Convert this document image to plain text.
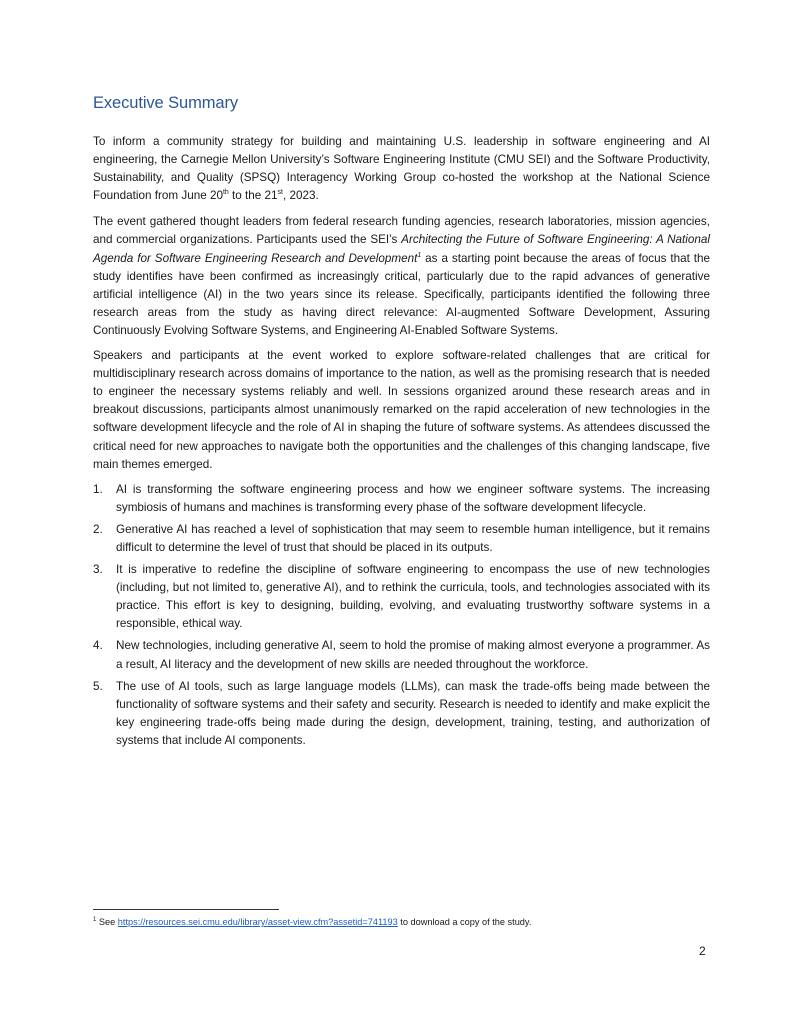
Executive Summary

To inform a community strategy for building and maintaining U.S. leadership in software engineering and AI engineering, the Carnegie Mellon University’s Software Engineering Institute (CMU SEI) and the Software Productivity, Sustainability, and Quality (SPSQ) Interagency Working Group co-hosted the workshop at the National Science Foundation from June 20th to the 21st, 2023.

The event gathered thought leaders from federal research funding agencies, research laboratories, mission agencies, and commercial organizations. Participants used the SEI’s Architecting the Future of Software Engineering: A National Agenda for Software Engineering Research and Development$^1$ as a starting point because the areas of focus that the study identifies have been confirmed as increasingly critical, particularly due to the rapid advances of generative artificial intelligence (AI) in the two years since its release. Specifically, participants identified the following three research areas from the study as having direct relevance: AI-augmented Software Development, Assuring Continuously Evolving Software Systems, and Engineering AI-Enabled Software Systems.

Speakers and participants at the event worked to explore software-related challenges that are critical for multidisciplinary research across domains of importance to the nation, as well as the promising research that is needed to engineer the necessary systems reliably and well. In sessions organized around these research areas and in breakout discussions, participants almost unanimously remarked on the rapid acceleration of new technologies in the software development lifecycle and the role of AI in shaping the future of software systems. As attendees discussed the critical need for new approaches to navigate both the opportunities and the challenges of this changing landscape, five main themes emerged.

1. AI is transforming the software engineering process and how we engineer software systems. The increasing symbiosis of humans and machines is transforming every phase of the software development lifecycle.
2. Generative AI has reached a level of sophistication that may seem to resemble human intelligence, but it remains difficult to determine the level of trust that should be placed in its outputs.
3. It is imperative to redefine the discipline of software engineering to encompass the use of new technologies (including, but not limited to, generative AI), and to rethink the curricula, tools, and technologies associated with its practice. This effort is key to designing, building, evolving, and evaluating trustworthy software systems in a responsible, ethical way.
4. New technologies, including generative AI, seem to hold the promise of making almost everyone a programmer. As a result, AI literacy and the development of new skills are needed throughout the workforce.
5. The use of AI tools, such as large language models (LLMs), can mask the trade-offs being made between the functionality of software systems and their safety and security. Research is needed to identify and make explicit the key engineering trade-offs being made during the design, development, training, testing, and authorization of systems that include AI components.
$^1$ See https://resources.sei.cmu.edu/library/asset-view.cfm?assetid=741193 to download a copy of the study.
2
